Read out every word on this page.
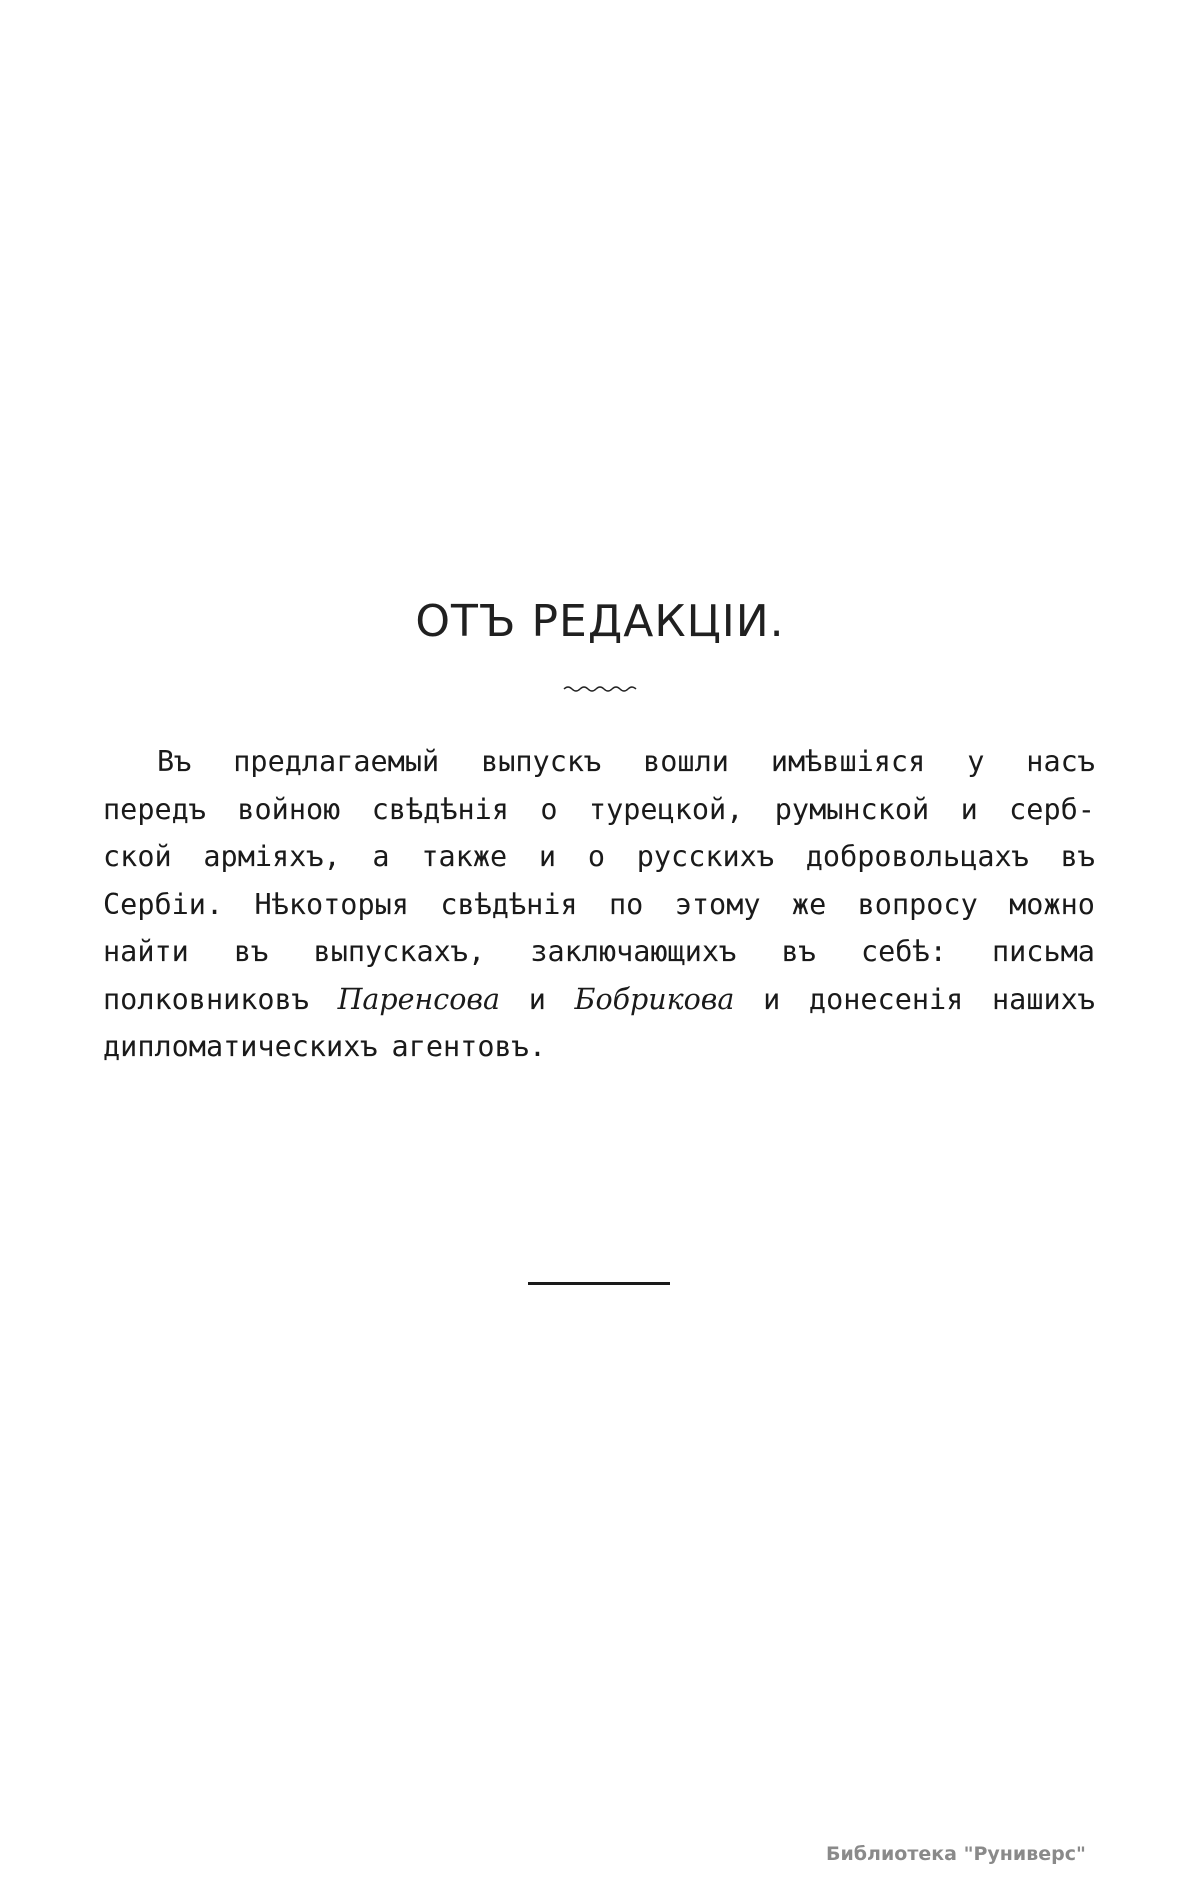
ОТЪ РЕДАКЦІИ.
Въ предлагаемый выпускъ вошли имѣвшіяся у насъ
передъ войною свѣдѣнія о турецкой, румынской и серб-
ской арміяхъ, а также и о русскихъ добровольцахъ въ
Сербіи. Нѣкоторыя свѣдѣнія по этому же вопросу можно
найти въ выпускахъ, заключающихъ въ себѣ: письма
полковниковъ Паренсова и Бобрикова и донесенія нашихъ
дипломатическихъ агентовъ.
Библиотека "Руниверс"
